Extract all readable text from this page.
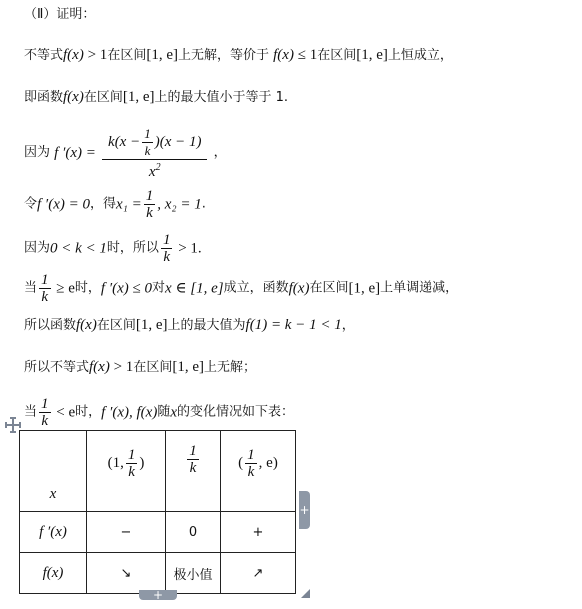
（Ⅱ）证明：
不等式f(x) > 1在区间[1, e]上无解，等价于 f(x) ≤ 1在区间[1, e]上恒成立，
即函数f(x)在区间[1, e]上的最大值小于等于 1.
因为 f $'(x) = \frac{k(x - \frac{1}{k} )(x - 1)}{x^2}$ ，
令f ′(x) = 0，得$x_1 = \frac{1}{k}$ , x₂ = 1.
因为0 < k < 1时，所以 $\frac{1}{k} > 1$.
当 $\frac{1}{k} \ge e$时，f ′(x) ≤ 0对x ∈ [1, e]成立，函数f(x)在区间[1, e]上单调递减，
所以函数f(x)在区间[1, e]上的最大值为f(1) = k − 1 < 1，
所以不等式f(x) > 1在区间[1, e]上无解；
当 $\frac{1}{k} < e$时，f ′(x), f(x)随x的变化情况如下表：
x	(1, $\frac{1}{k}$ )	$\frac{1}{k}$	( $\frac{1}{k}$ , e)
f ′(x)	−	0	+
f(x)	↘	极小值	↗
+
+
